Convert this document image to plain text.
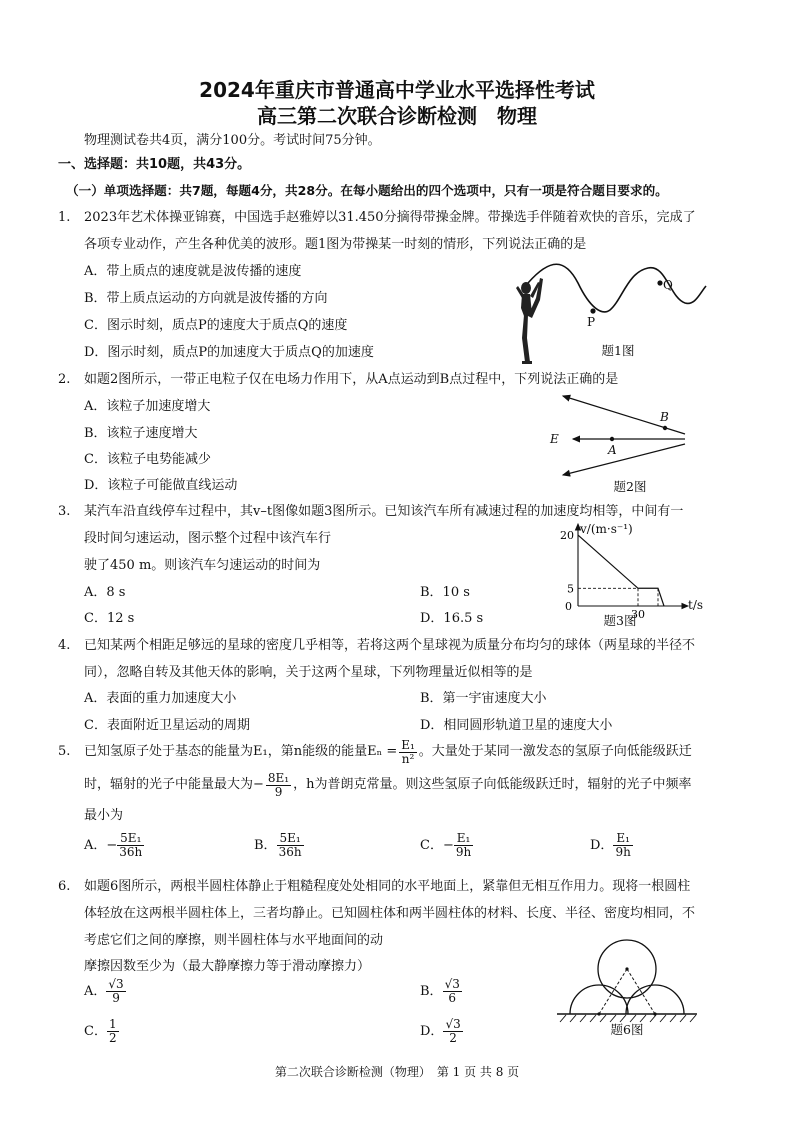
2024年重庆市普通高中学业水平选择性考试
高三第二次联合诊断检测　物理
物理测试卷共4页，满分100分。考试时间75分钟。
一、选择题：共10题，共43分。
（一）单项选择题：共7题，每题4分，共28分。在每小题给出的四个选项中，只有一项是符合题目要求的。
1. 2023年艺术体操亚锦赛，中国选手赵雅婷以31.450分摘得带操金牌。带操选手伴随着欢快的音乐，完成了
各项专业动作，产生各种优美的波形。题1图为带操某一时刻的情形，下列说法正确的是
A．带上质点的速度就是波传播的速度
B．带上质点运动的方向就是波传播的方向
C．图示时刻，质点P的速度大于质点Q的速度
D．图示时刻，质点P的加速度大于质点Q的加速度
P
Q
题1图
2. 如题2图所示，一带正电粒子仅在电场力作用下，从A点运动到B点过程中，下列说法正确的是
A．该粒子加速度增大
B．该粒子速度增大
C．该粒子电势能减少
D．该粒子可能做直线运动
E
A
B
题2图
3. 某汽车沿直线停车过程中，其v–t图像如题3图所示。已知该汽车所有减速过程的加速度均相等，中间有一
段时间匀速运动，图示整个过程中该汽车行
驶了450 m。则该汽车匀速运动的时间为
A．8 s	B．10 s
C．12 s	D．16.5 s
20
5
0
30
v/(m·s⁻¹)
t/s
题3图
4. 已知某两个相距足够远的星球的密度几乎相等，若将这两个星球视为质量分布均匀的球体（两星球的半径不
同），忽略自转及其他天体的影响，关于这两个星球，下列物理量近似相等的是
A．表面的重力加速度大小	B．第一宇宙速度大小
C．表面附近卫星运动的周期	D．相同圆形轨道卫星的速度大小
5. 已知氢原子处于基态的能量为E₁，第n能级的能量$E_n = \frac{\text{E₁}}{\text{n²}}$ 。大量处于某同一激发态的氢原子向低能级跃迁
时，辐射的光子中能量最大为− $\frac{\text{8E₁}}{9}$ ，h为普朗克常量。则这些氢原子向低能级跃迁时，辐射的光子中频率
最小为
A．− $\frac{\text{5E₁}}{36h}$	B． $\frac{\text{5E₁}}{36h}$	C．− $\frac{\text{E₁}}{9h}$	D． $\frac{\text{E₁}}{9h}$
6. 如题6图所示，两根半圆柱体静止于粗糙程度处处相同的水平地面上，紧靠但无相互作用力。现将一根圆柱
体轻放在这两根半圆柱体上，三者均静止。已知圆柱体和两半圆柱体的材料、长度、半径、密度均相同，不
考虑它们之间的摩擦，则半圆柱体与水平地面间的动
摩擦因数至少为（最大静摩擦力等于滑动摩擦力）
A． $\frac{√3}{9}$	B． $\frac{√3}{6}$
C． $\frac{1}{2}$	D． $\frac{√3}{2}$	题6图
第二次联合诊断检测（物理）　第 1 页 共 8 页
